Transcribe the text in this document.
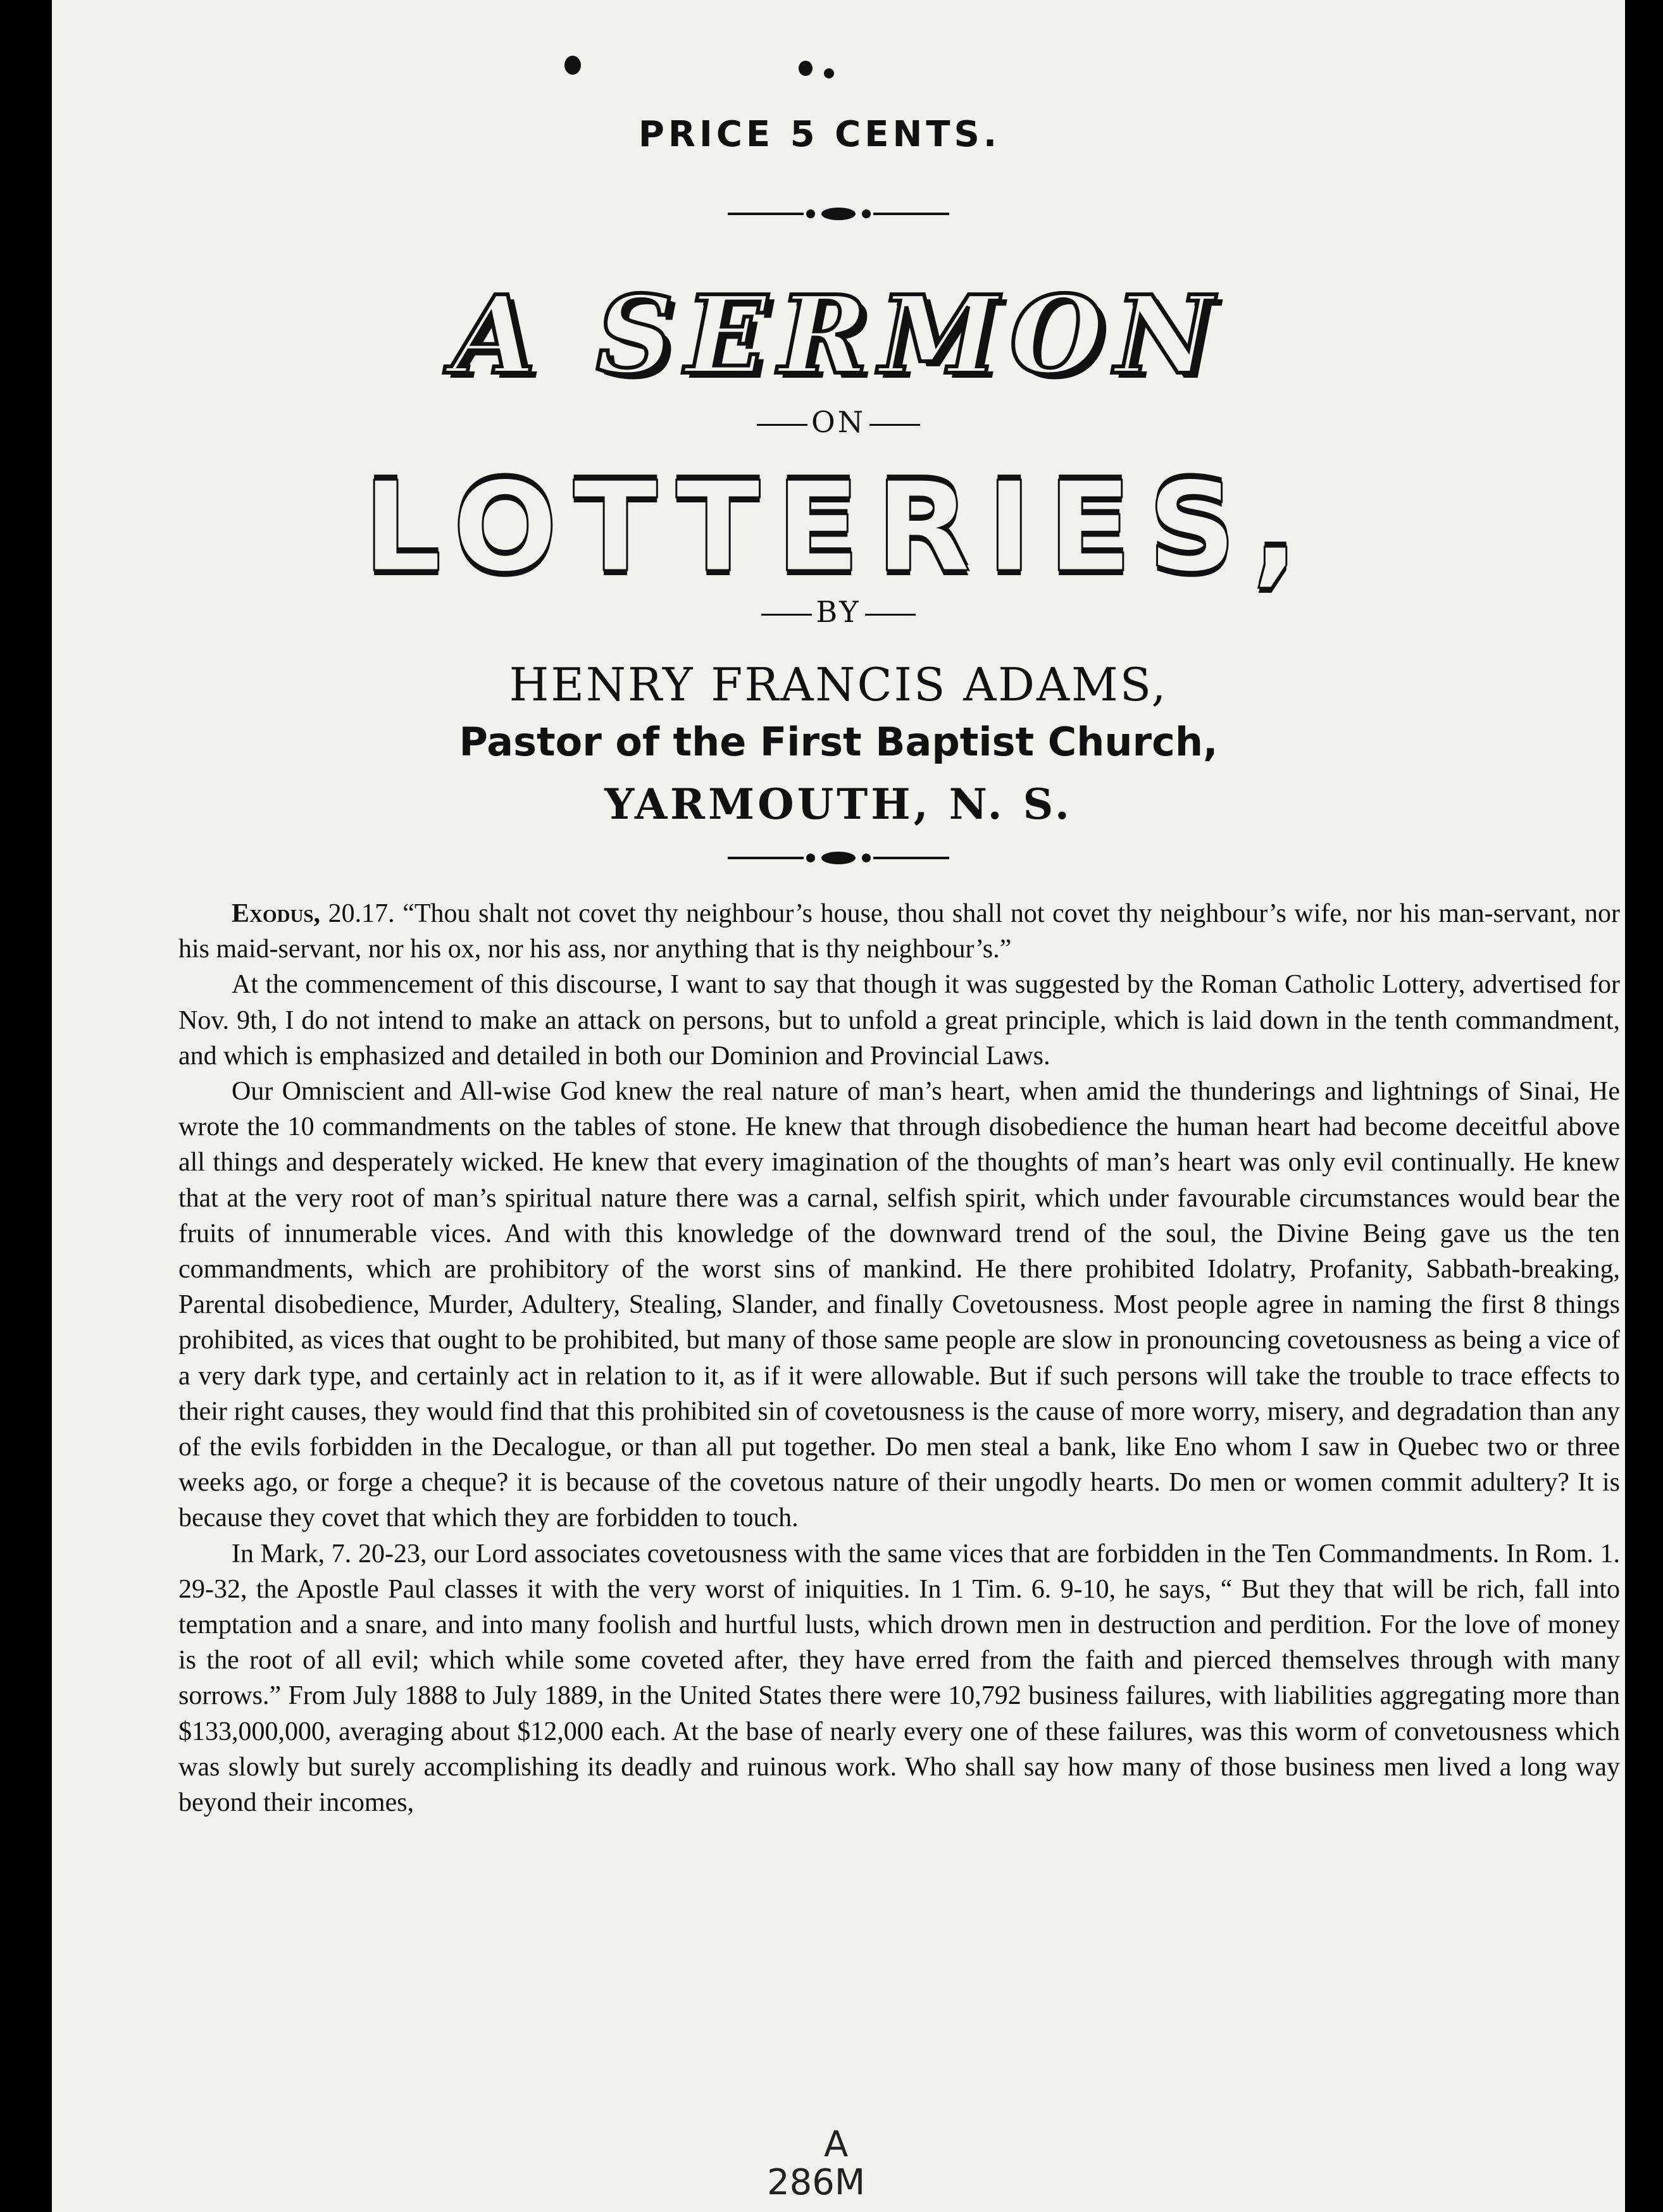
PRICE 5 CENTS.
A SERMON
ON
LOTTERIES,
BY
HENRY FRANCIS ADAMS,
Pastor of the First Baptist Church,
YARMOUTH, N. S.

Exodus, 20.17. “Thou shalt not covet thy neighbour’s house, thou shall not covet thy neighbour’s wife, nor his man-servant, nor his maid-servant, nor his ox, nor his ass, nor anything that is thy neighbour’s.”

At the commencement of this discourse, I want to say that though it was suggested by the Roman Catholic Lottery, advertised for Nov. 9th, I do not intend to make an attack on persons, but to unfold a great principle, which is laid down in the tenth commandment, and which is emphasized and detailed in both our Dominion and Provincial Laws.

Our Omniscient and All-wise God knew the real nature of man’s heart, when amid the thunderings and lightnings of Sinai, He wrote the 10 commandments on the tables of stone. He knew that through disobedience the human heart had become deceitful above all things and desperately wicked. He knew that every imagination of the thoughts of man’s heart was only evil continually. He knew that at the very root of man’s spiritual nature there was a carnal, selfish spirit, which under favourable circumstances would bear the fruits of innumerable vices. And with this knowledge of the downward trend of the soul, the Divine Being gave us the ten commandments, which are prohibitory of the worst sins of mankind. He there prohibited Idolatry, Profanity, Sabbath-breaking, Parental disobedience, Murder, Adultery, Stealing, Slander, and finally Covetousness. Most people agree in naming the first 8 things prohibited, as vices that ought to be prohibited, but many of those same people are slow in pronouncing covetousness as being a vice of a very dark type, and certainly act in relation to it, as if it were allowable. But if such persons will take the trouble to trace effects to their right causes, they would find that this prohibited sin of covetousness is the cause of more worry, misery, and degradation than any of the evils forbidden in the Decalogue, or than all put together. Do men steal a bank, like Eno whom I saw in Quebec two or three weeks ago, or forge a cheque? it is because of the covetous nature of their ungodly hearts. Do men or women commit adultery? It is because they covet that which they are forbidden to touch.

In Mark, 7. 20-23, our Lord associates covetousness with the same vices that are forbidden in the Ten Commandments. In Rom. 1. 29-32, the Apostle Paul classes it with the very worst of iniquities. In 1 Tim. 6. 9-10, he says, “ But they that will be rich, fall into temptation and a snare, and into many foolish and hurtful lusts, which drown men in destruction and perdition. For the love of money is the root of all evil; which while some coveted after, they have erred from the faith and pierced themselves through with many sorrows.” From July 1888 to July 1889, in the United States there were 10,792 business failures, with liabilities aggregating more than $133,000,000, averaging about $12,000 each. At the base of nearly every one of these failures, was this worm of convetousness which was slowly but surely accomplishing its deadly and ruinous work. Who shall say how many of those business men lived a long way beyond their incomes,

A
286M
